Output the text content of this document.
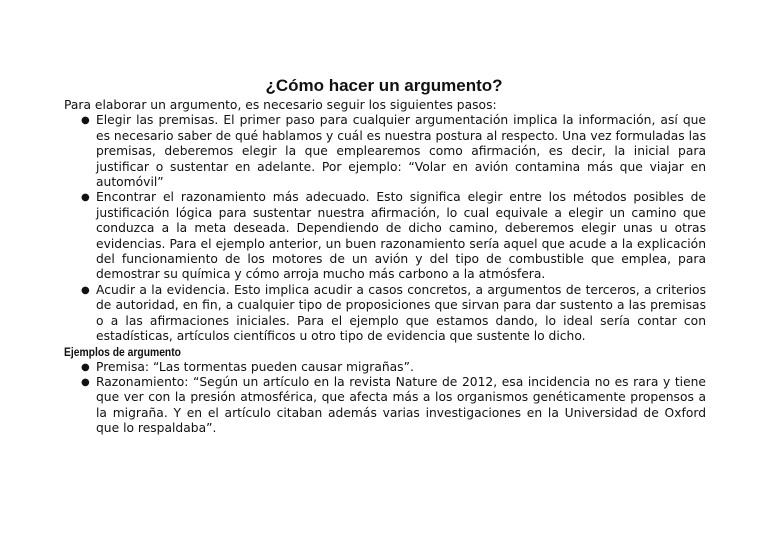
¿Cómo hacer un argumento?

Para elaborar un argumento, es necesario seguir los siguientes pasos:

● Elegir las premisas. El primer paso para cualquier argumentación implica la información, así que es necesario saber de qué hablamos y cuál es nuestra postura al respecto. Una vez formuladas las premisas, deberemos elegir la que emplearemos como afirmación, es decir, la inicial para justificar o sustentar en adelante. Por ejemplo: “Volar en avión contamina más que viajar en automóvil”
● Encontrar el razonamiento más adecuado. Esto significa elegir entre los métodos posibles de justificación lógica para sustentar nuestra afirmación, lo cual equivale a elegir un camino que conduzca a la meta deseada. Dependiendo de dicho camino, deberemos elegir unas u otras evidencias. Para el ejemplo anterior, un buen razonamiento sería aquel que acude a la explicación del funcionamiento de los motores de un avión y del tipo de combustible que emplea, para demostrar su química y cómo arroja mucho más carbono a la atmósfera.
● Acudir a la evidencia. Esto implica acudir a casos concretos, a argumentos de terceros, a criterios de autoridad, en fin, a cualquier tipo de proposiciones que sirvan para dar sustento a las premisas o a las afirmaciones iniciales. Para el ejemplo que estamos dando, lo ideal sería contar con estadísticas, artículos científicos u otro tipo de evidencia que sustente lo dicho.

Ejemplos de argumento

● Premisa: “Las tormentas pueden causar migrañas”.
● Razonamiento: “Según un artículo en la revista Nature de 2012, esa incidencia no es rara y tiene que ver con la presión atmosférica, que afecta más a los organismos genéticamente propensos a la migraña. Y en el artículo citaban además varias investigaciones en la Universidad de Oxford que lo respaldaba”.
